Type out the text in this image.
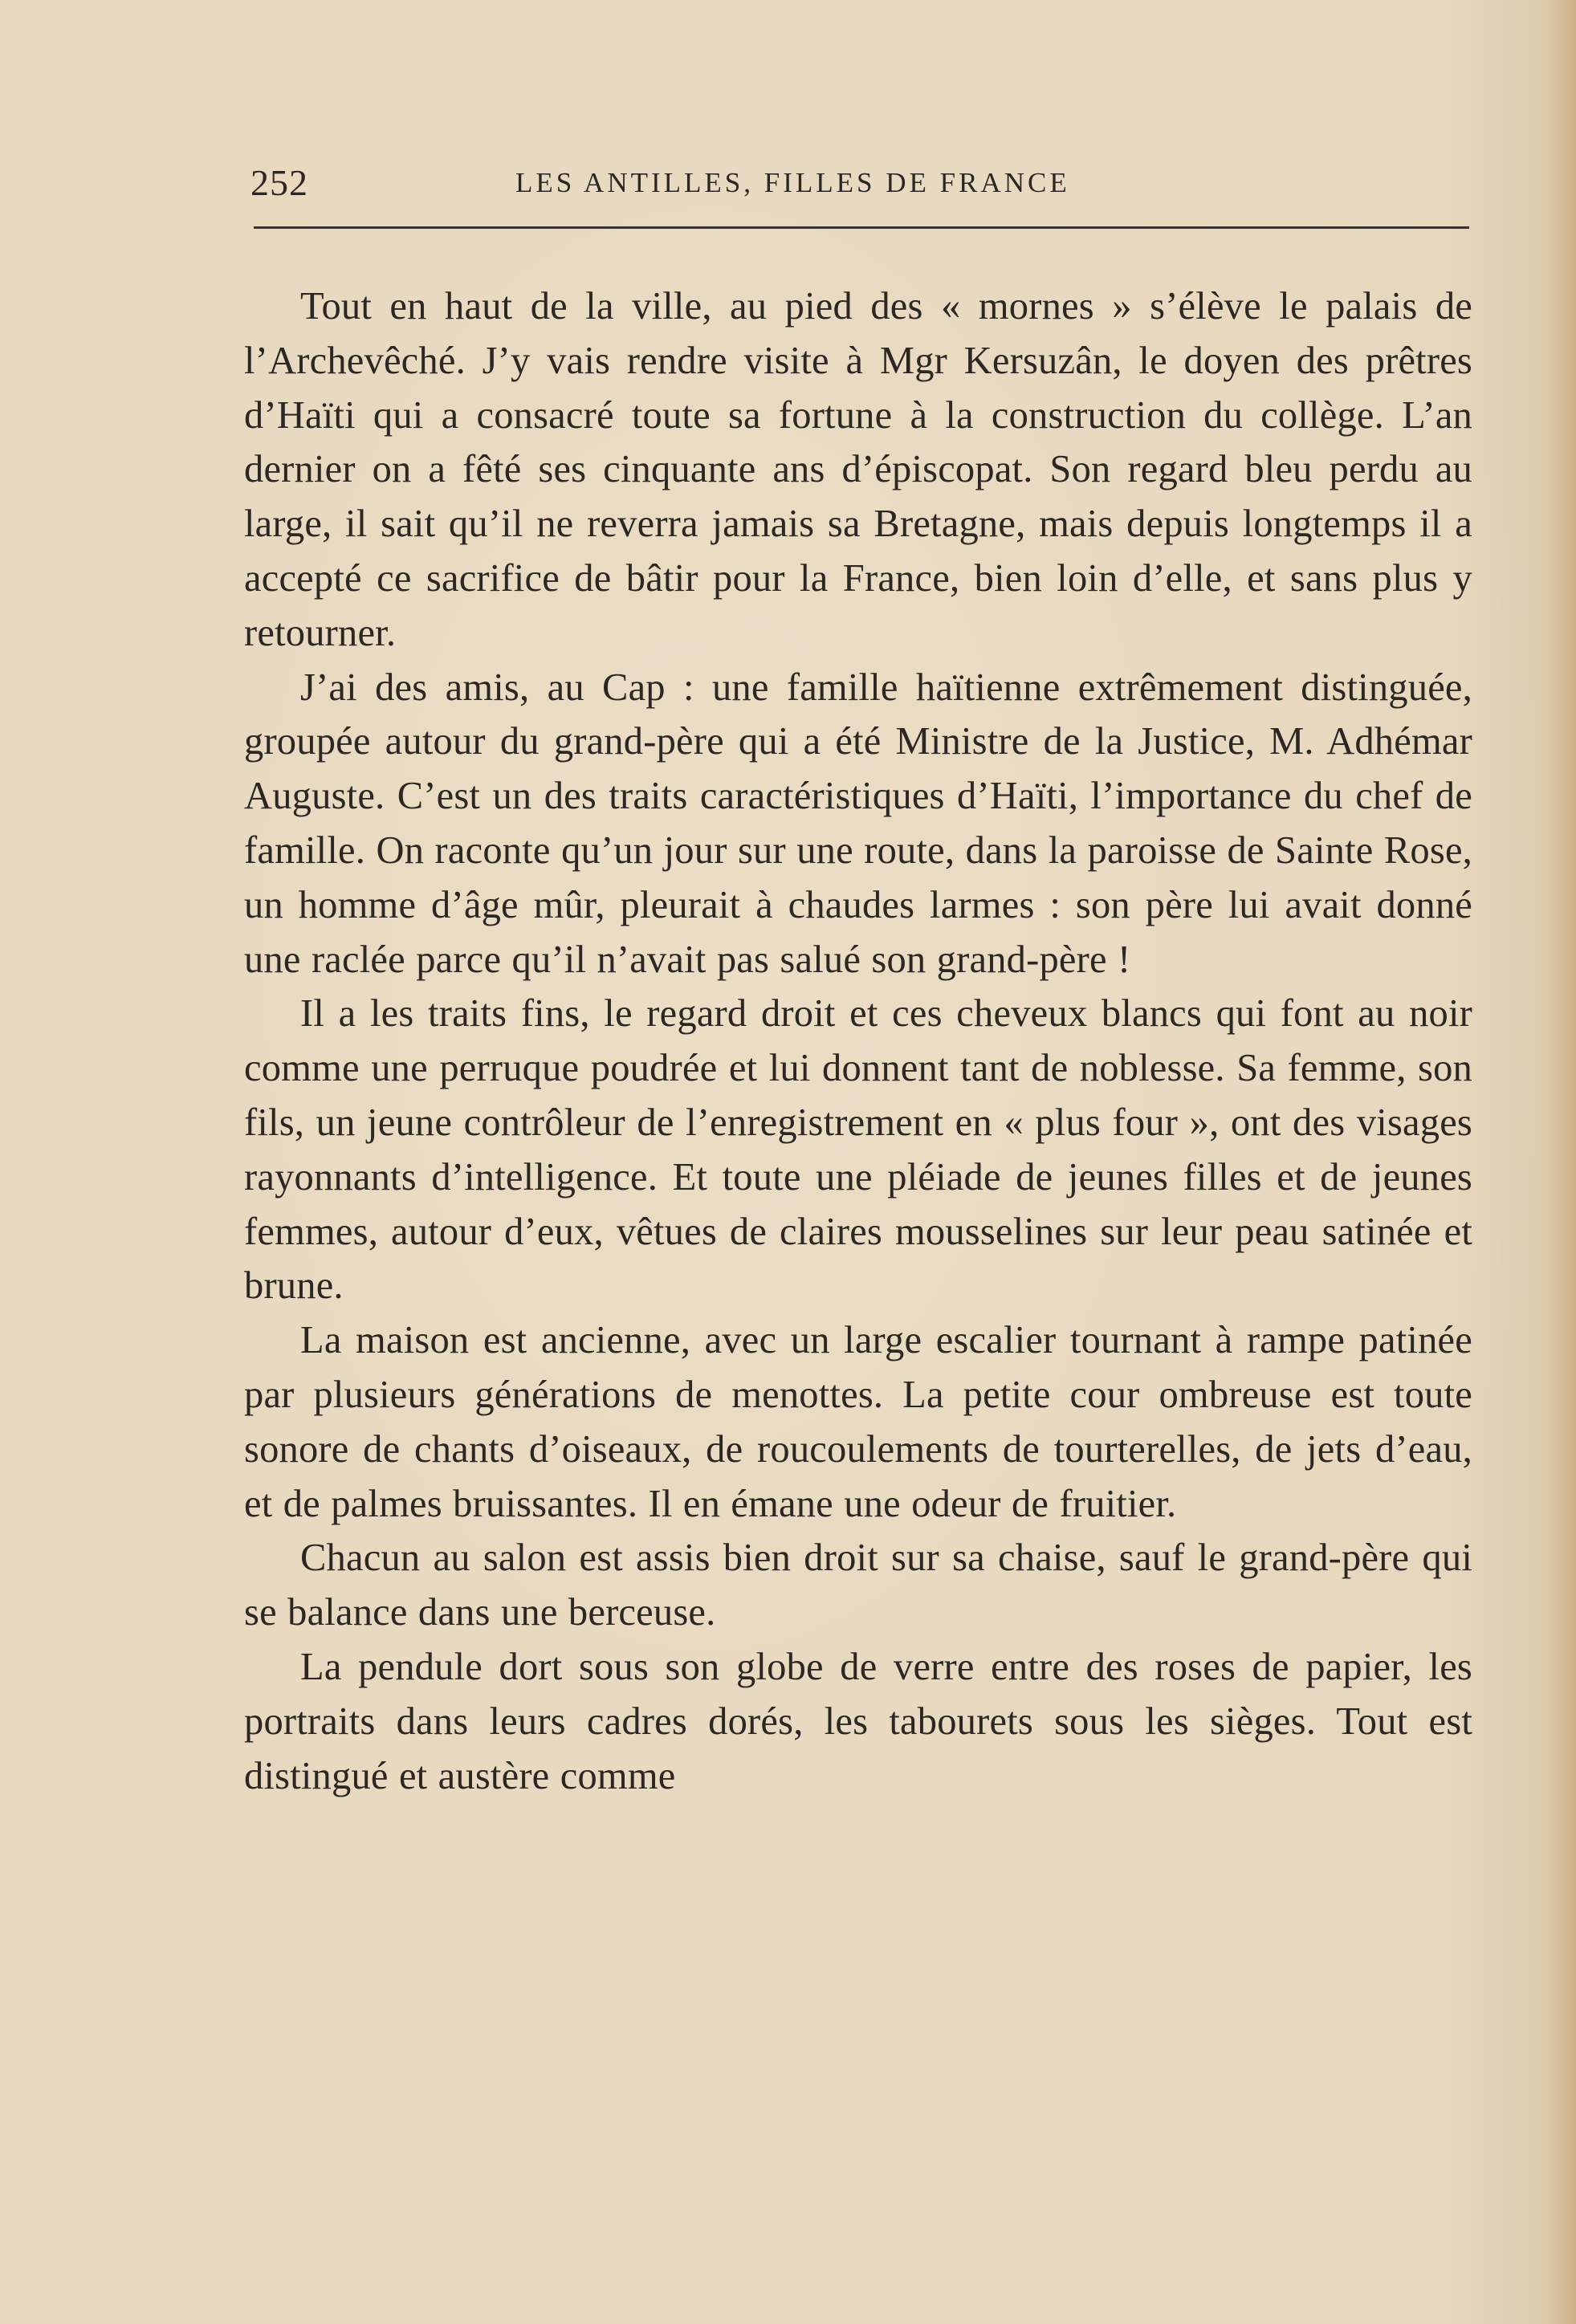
252	LES ANTILLES, FILLES DE FRANCE

Tout en haut de la ville, au pied des « mornes » s’élève le palais de l’Archevêché. J’y vais rendre visite à Mgr Kersuzân, le doyen des prêtres d’Haïti qui a consacré toute sa fortune à la construction du collège. L’an dernier on a fêté ses cinquante ans d’épiscopat. Son regard bleu perdu au large, il sait qu’il ne reverra jamais sa Bretagne, mais depuis longtemps il a accepté ce sacrifice de bâtir pour la France, bien loin d’elle, et sans plus y retourner.

J’ai des amis, au Cap : une famille haïtienne extrêmement distinguée, groupée autour du grand-père qui a été Ministre de la Justice, M. Adhémar Auguste. C’est un des traits caractéristiques d’Haïti, l’importance du chef de famille. On raconte qu’un jour sur une route, dans la paroisse de Sainte Rose, un homme d’âge mûr, pleurait à chaudes larmes : son père lui avait donné une raclée parce qu’il n’avait pas salué son grand-père !

Il a les traits fins, le regard droit et ces cheveux blancs qui font au noir comme une perruque poudrée et lui donnent tant de noblesse. Sa femme, son fils, un jeune contrôleur de l’enregistrement en « plus four », ont des visages rayonnants d’intelligence. Et toute une pléiade de jeunes filles et de jeunes femmes, autour d’eux, vêtues de claires mousselines sur leur peau satinée et brune.

La maison est ancienne, avec un large escalier tournant à rampe patinée par plusieurs générations de menottes. La petite cour ombreuse est toute sonore de chants d’oiseaux, de roucoulements de tourterelles, de jets d’eau, et de palmes bruissantes. Il en émane une odeur de fruitier.

Chacun au salon est assis bien droit sur sa chaise, sauf le grand-père qui se balance dans une berceuse.

La pendule dort sous son globe de verre entre des roses de papier, les portraits dans leurs cadres dorés, les tabourets sous les sièges. Tout est distingué et austère comme
